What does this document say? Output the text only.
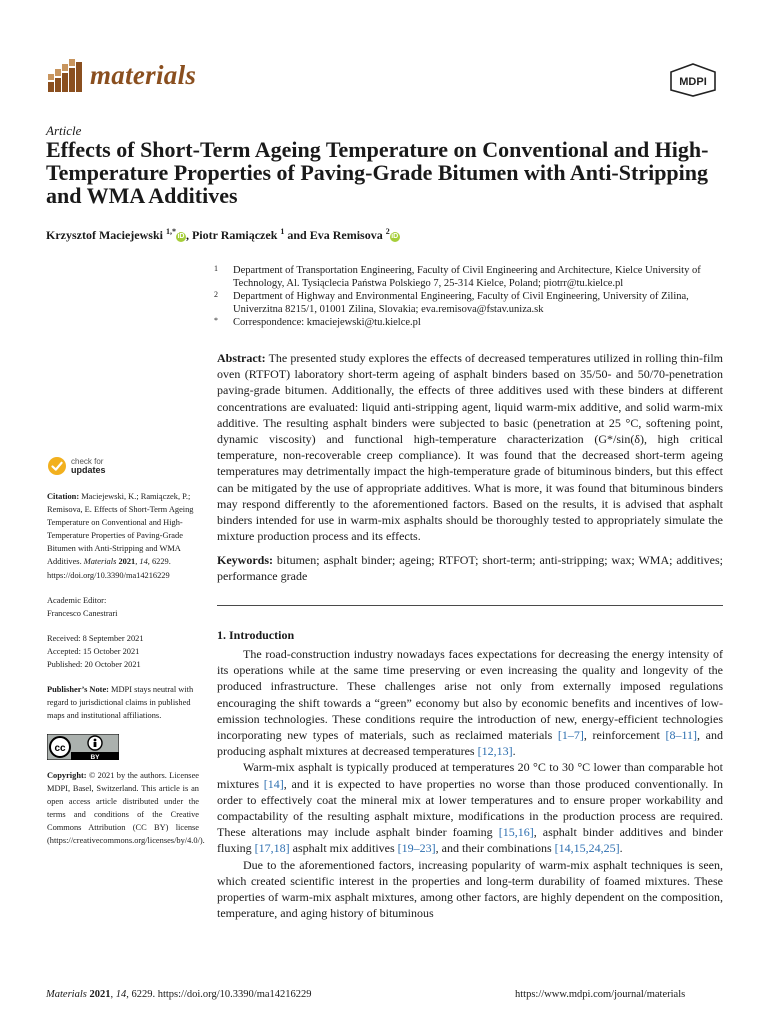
materials	MDPI
Article
Effects of Short-Term Ageing Temperature on Conventional and High-Temperature Properties of Paving-Grade Bitumen with Anti-Stripping and WMA Additives
Krzysztof Maciejewski $^{1,*}$iD , Piotr Ramiączek $^1$ and Eva Remisova $^2$iD

1 Department of Transportation Engineering, Faculty of Civil Engineering and Architecture, Kielce University of Technology, Al. Tysiąclecia Państwa Polskiego 7, 25-314 Kielce, Poland; piotrr@tu.kielce.pl

2 Department of Highway and Environmental Engineering, Faculty of Civil Engineering, University of Zilina, Univerzitna 8215/1, 01001 Zilina, Slovakia; eva.remisova@fstav.uniza.sk

* Correspondence: kmaciejewski@tu.kielce.pl

Abstract: The presented study explores the effects of decreased temperatures utilized in rolling thin-film oven (RTFOT) laboratory short-term ageing of asphalt binders based on 35/50- and 50/70-penetration paving-grade bitumen. Additionally, the effects of three additives used with these binders at different concentrations are evaluated: liquid anti-stripping agent, liquid warm-mix additive, and solid warm-mix additive. The resulting asphalt binders were subjected to basic (penetration at 25 °C, softening point, dynamic viscosity) and functional high-temperature characterization (G*/sin(δ), high critical temperature, non-recoverable creep compliance). It was found that the decreased short-term ageing temperatures may detrimentally impact the high-temperature grade of bituminous binders, but this effect can be mitigated by the use of appropriate additives. What is more, it was found that bituminous binders may respond differently to the aforementioned factors. Based on the results, it is advised that asphalt binders intended for use in warm-mix asphalts should be thoroughly tested to appropriately simulate the mixture production process and its effects.

Keywords: bitumen; asphalt binder; ageing; RTFOT; short-term; anti-stripping; wax; WMA; additives; performance grade

1. Introduction

The road-construction industry nowadays faces expectations for decreasing the energy intensity of its operations while at the same time preserving or even increasing the quality and longevity of the produced infrastructure. These challenges arise not only from externally imposed regulations encouraging the shift towards a “green” economy but also by economic benefits and incentives of low-emission technologies. These conditions require the introduction of new, energy-efficient technologies incorporating new types of materials, such as reclaimed materials [1–7], reinforcement [8–11], and producing asphalt mixtures at decreased temperatures [12,13].

Warm-mix asphalt is typically produced at temperatures 20 °C to 30 °C lower than comparable hot mixtures [14], and it is expected to have properties no worse than those produced conventionally. In order to effectively coat the mineral mix at lower temperatures and to ensure proper workability and compactability of the resulting asphalt mixture, modifications in the production process are required. These alterations may include asphalt binder foaming [15,16], asphalt binder additives and binder fluxing [17,18] asphalt mix additives [19–23], and their combinations [14,15,24,25].

Due to the aforementioned factors, increasing popularity of warm-mix asphalt techniques is seen, which created scientific interest in the properties and long-term durability of foamed mixtures. These properties of warm-mix asphalt mixtures, among other factors, are highly dependent on the composition, temperature, and aging history of bituminous

check for
updates

Citation: Maciejewski, K.; Ramiączek, P.; Remisova, E. Effects of Short-Term Ageing Temperature on Conventional and High-Temperature Properties of Paving-Grade Bitumen with Anti-Stripping and WMA Additives. Materials 2021, 14, 6229. https://doi.org/10.3390/ma14216229

Academic Editor:

Francesco Canestrari

Received: 8 September 2021

Accepted: 15 October 2021

Published: 20 October 2021

Publisher’s Note: MDPI stays neutral with regard to jurisdictional claims in published maps and institutional affiliations.

cc
BY

Copyright: © 2021 by the authors. Licensee MDPI, Basel, Switzerland. This article is an open access article distributed under the terms and conditions of the Creative Commons Attribution (CC BY) license (https://creativecommons.org/licenses/by/4.0/).

Materials 2021, 14, 6229. https://doi.org/10.3390/ma14216229	https://www.mdpi.com/journal/materials
